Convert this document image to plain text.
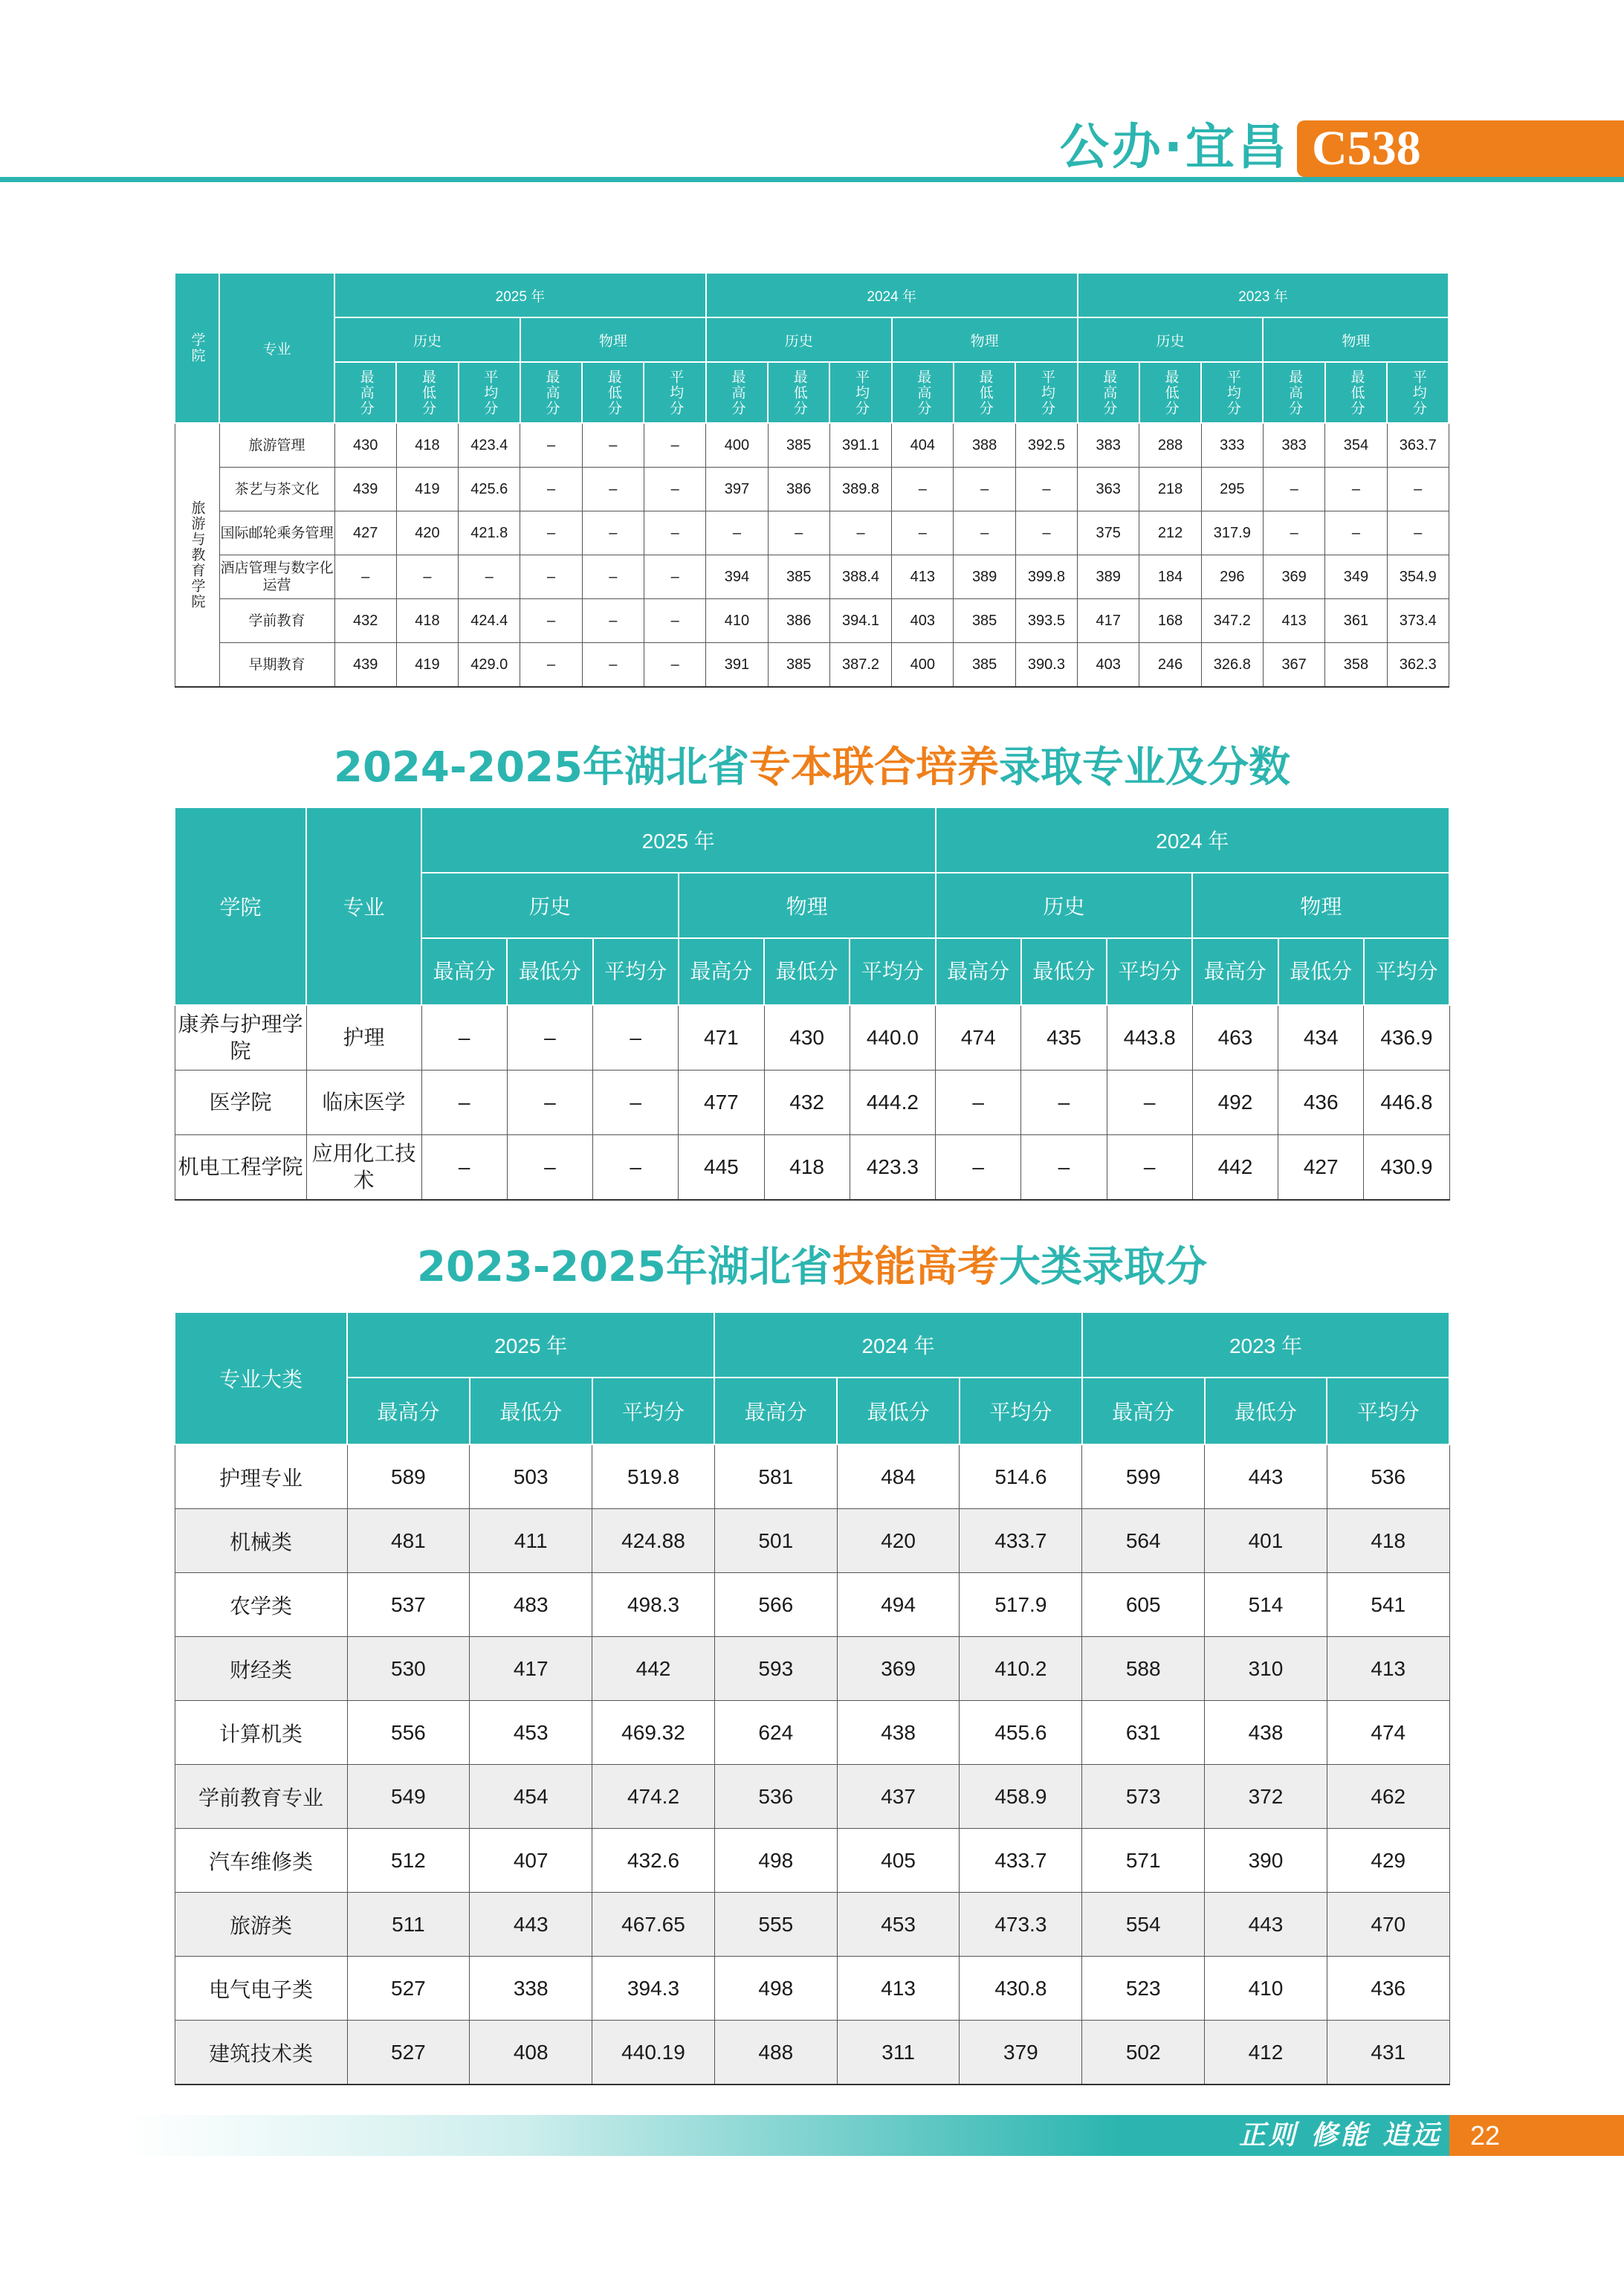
公办·宜昌 C538
学院	专业	2025 年						2024 年						2023 年					
		历史			物理			历史			物理			历史			物理		
		最高分	最低分	平均分	最高分	最低分	平均分	最高分	最低分	平均分	最高分	最低分	平均分	最高分	最低分	平均分	最高分	最低分	平均分
旅游与教育学院	旅游管理	430	418	423.4	–	–	–	400	385	391.1	404	388	392.5	383	288	333	383	354	363.7
	茶艺与茶文化	439	419	425.6	–	–	–	397	386	389.8	–	–	–	363	218	295	–	–	–
	国际邮轮乘务管理	427	420	421.8	–	–	–	–	–	–	–	–	–	375	212	317.9	–	–	–
	酒店管理与数字化运营	–	–	–	–	–	–	394	385	388.4	413	389	399.8	389	184	296	369	349	354.9
	学前教育	432	418	424.4	–	–	–	410	386	394.1	403	385	393.5	417	168	347.2	413	361	373.4
	早期教育	439	419	429.0	–	–	–	391	385	387.2	400	385	390.3	403	246	326.8	367	358	362.3
2024-2025年湖北省专本联合培养录取专业及分数
学院	专业	2025 年						2024 年					
		历史			物理			历史			物理		
		最高分	最低分	平均分	最高分	最低分	平均分	最高分	最低分	平均分	最高分	最低分	平均分
康养与护理学院	护理	–	–	–	471	430	440.0	474	435	443.8	463	434	436.9
医学院	临床医学	–	–	–	477	432	444.2	–	–	–	492	436	446.8
机电工程学院	应用化工技术	–	–	–	445	418	423.3	–	–	–	442	427	430.9
2023-2025年湖北省技能高考大类录取分
专业大类	2025 年			2024 年			2023 年		
	最高分	最低分	平均分	最高分	最低分	平均分	最高分	最低分	平均分
护理专业	589	503	519.8	581	484	514.6	599	443	536
机械类	481	411	424.88	501	420	433.7	564	401	418
农学类	537	483	498.3	566	494	517.9	605	514	541
财经类	530	417	442	593	369	410.2	588	310	413
计算机类	556	453	469.32	624	438	455.6	631	438	474
学前教育专业	549	454	474.2	536	437	458.9	573	372	462
汽车维修类	512	407	432.6	498	405	433.7	571	390	429
旅游类	511	443	467.65	555	453	473.3	554	443	470
电气电子类	527	338	394.3	498	413	430.8	523	410	436
建筑技术类	527	408	440.19	488	311	379	502	412	431
正则 修能 追远 22
